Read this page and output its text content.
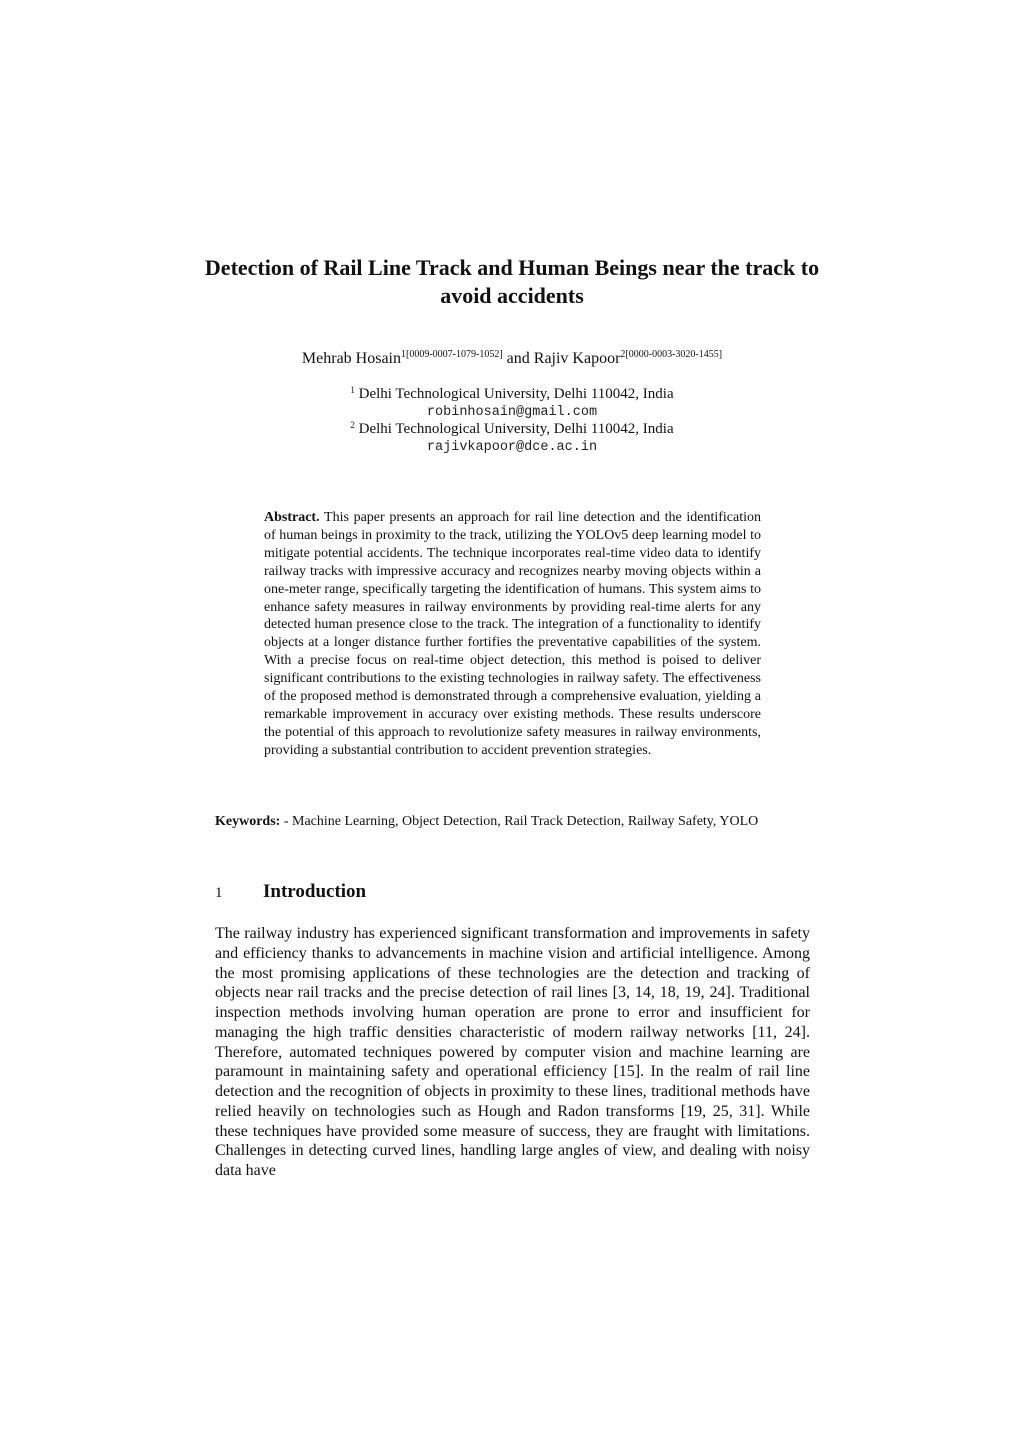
Detection of Rail Line Track and Human Beings near the track to avoid accidents
Mehrab Hosain$^{1[0009-0007-1079-1052]}$ and Rajiv Kapoor$^{2[0000-0003-3020-1455]}$
$^1$ Delhi Technological University, Delhi 110042, India
robinhosain@gmail.com
$^2$ Delhi Technological University, Delhi 110042, India
rajivkapoor@dce.ac.in
Abstract. This paper presents an approach for rail line detection and the identification of human beings in proximity to the track, utilizing the YOLOv5 deep learning model to mitigate potential accidents. The technique incorporates real-time video data to identify railway tracks with impressive accuracy and recognizes nearby moving objects within a one-meter range, specifically targeting the identification of humans. This system aims to enhance safety measures in railway environments by providing real-time alerts for any detected human presence close to the track. The integration of a functionality to identify objects at a longer distance further fortifies the preventative capabilities of the system. With a precise focus on real-time object detection, this method is poised to deliver significant contributions to the existing technologies in railway safety. The effectiveness of the proposed method is demonstrated through a comprehensive evaluation, yielding a remarkable improvement in accuracy over existing methods. These results underscore the potential of this approach to revolutionize safety measures in railway environments, providing a substantial contribution to accident prevention strategies.
Keywords: - Machine Learning, Object Detection, Rail Track Detection, Railway Safety, YOLO
1 Introduction
The railway industry has experienced significant transformation and improvements in safety and efficiency thanks to advancements in machine vision and artificial intelligence. Among the most promising applications of these technologies are the detection and tracking of objects near rail tracks and the precise detection of rail lines [3, 14, 18, 19, 24]. Traditional inspection methods involving human operation are prone to error and insufficient for managing the high traffic densities characteristic of modern railway networks [11, 24]. Therefore, automated techniques powered by computer vision and machine learning are paramount in maintaining safety and operational efficiency [15]. In the realm of rail line detection and the recognition of objects in proximity to these lines, traditional methods have relied heavily on technologies such as Hough and Radon transforms [19, 25, 31]. While these techniques have provided some measure of success, they are fraught with limitations. Challenges in detecting curved lines, handling large angles of view, and dealing with noisy data have
